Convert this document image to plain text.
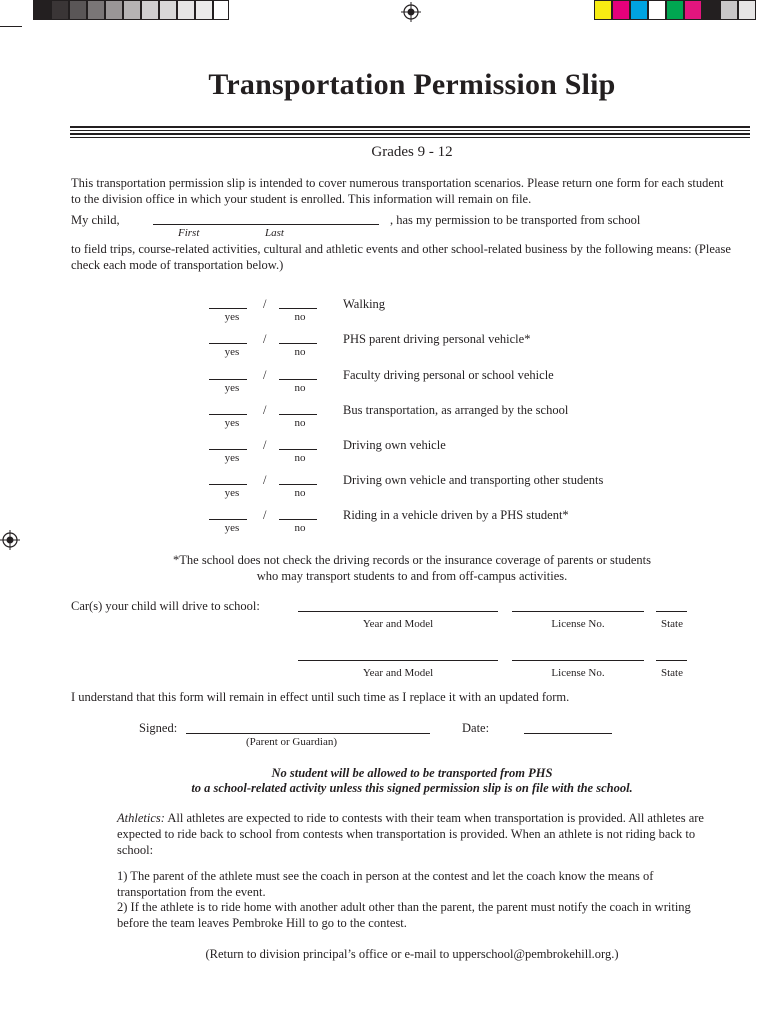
Transportation Permission Slip
Grades 9 - 12
This transportation permission slip is intended to cover numerous transportation scenarios. Please return one form for each student to the division office in which your student is enrolled. This information will remain on file.
My child,	, has my permission to be transported from school
First	Last
to field trips, course-related activities, cultural and athletic events and other school-related business by the following means: (Please check each mode of transportation below.)
/
yes	no
Walking
/
yes	no
PHS parent driving personal vehicle*
/
yes	no
Faculty driving personal or school vehicle
/
yes	no
Bus transportation, as arranged by the school
/
yes	no
Driving own vehicle
/
yes	no
Driving own vehicle and transporting other students
/
yes	no
Riding in a vehicle driven by a PHS student*
*The school does not check the driving records or the insurance coverage of parents or students
who may transport students to and from off-campus activities.
Car(s) your child will drive to school:
Year and Model	License No.	State
Year and Model	License No.	State
I understand that this form will remain in effect until such time as I replace it with an updated form.
Signed:	Date:
(Parent or Guardian)
No student will be allowed to be transported from PHS
to a school-related activity unless this signed permission slip is on file with the school.
Athletics: All athletes are expected to ride to contests with their team when transportation is provided. All athletes are expected to ride back to school from contests when transportation is provided. When an athlete is not riding back to school:
1) The parent of the athlete must see the coach in person at the contest and let the coach know the means of transportation from the event.
2) If the athlete is to ride home with another adult other than the parent, the parent must notify the coach in writing before the team leaves Pembroke Hill to go to the contest.
(Return to division principal’s office or e-mail to upperschool@pembrokehill.org.)
